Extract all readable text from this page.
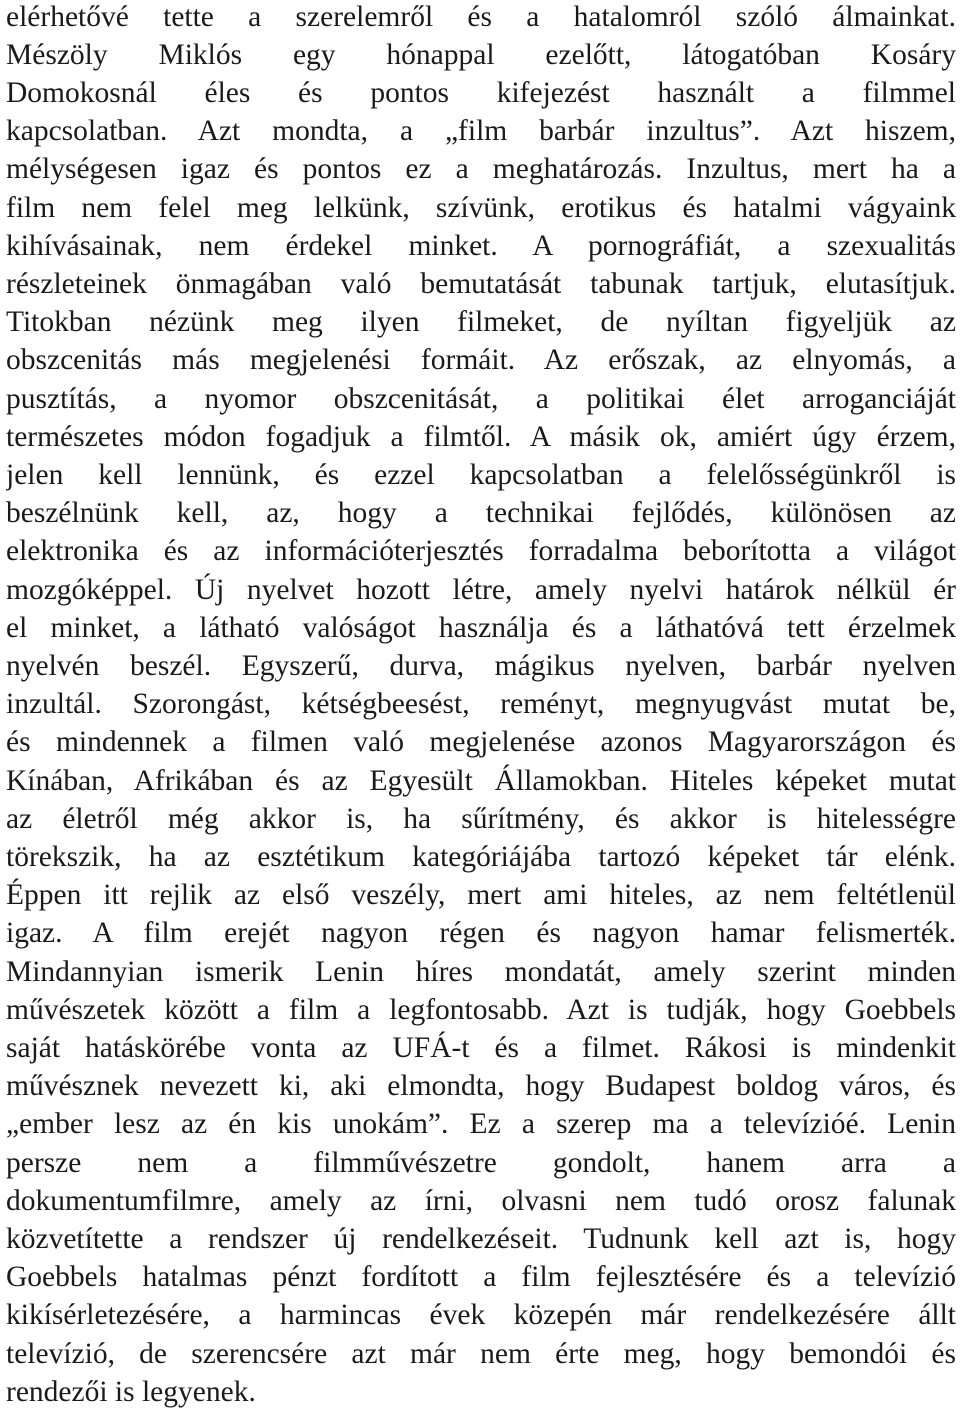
elérhetővé tette a szerelemről és a hatalomról szóló álmainkat.
Mészöly Miklós egy hónappal ezelőtt, látogatóban Kosáry
Domokosnál éles és pontos kifejezést használt a filmmel
kapcsolatban. Azt mondta, a „film barbár inzultus”. Azt hiszem,
mélységesen igaz és pontos ez a meghatározás. Inzultus, mert ha a
film nem felel meg lelkünk, szívünk, erotikus és hatalmi vágyaink
kihívásainak, nem érdekel minket. A pornográfiát, a szexualitás
részleteinek önmagában való bemutatását tabunak tartjuk, elutasítjuk.
Titokban nézünk meg ilyen filmeket, de nyíltan figyeljük az
obszcenitás más megjelenési formáit. Az erőszak, az elnyomás, a
pusztítás, a nyomor obszcenitását, a politikai élet arroganciáját
természetes módon fogadjuk a filmtől. A másik ok, amiért úgy érzem,
jelen kell lennünk, és ezzel kapcsolatban a felelősségünkről is
beszélnünk kell, az, hogy a technikai fejlődés, különösen az
elektronika és az információterjesztés forradalma beborította a világot
mozgóképpel. Új nyelvet hozott létre, amely nyelvi határok nélkül ér
el minket, a látható valóságot használja és a láthatóvá tett érzelmek
nyelvén beszél. Egyszerű, durva, mágikus nyelven, barbár nyelven
inzultál. Szorongást, kétségbeesést, reményt, megnyugvást mutat be,
és mindennek a filmen való megjelenése azonos Magyarországon és
Kínában, Afrikában és az Egyesült Államokban. Hiteles képeket mutat
az életről még akkor is, ha sűrítmény, és akkor is hitelességre
törekszik, ha az esztétikum kategóriájába tartozó képeket tár elénk.
Éppen itt rejlik az első veszély, mert ami hiteles, az nem feltétlenül
igaz. A film erejét nagyon régen és nagyon hamar felismerték.
Mindannyian ismerik Lenin híres mondatát, amely szerint minden
művészetek között a film a legfontosabb. Azt is tudják, hogy Goebbels
saját hatáskörébe vonta az UFÁ-t és a filmet. Rákosi is mindenkit
művésznek nevezett ki, aki elmondta, hogy Budapest boldog város, és
„ember lesz az én kis unokám”. Ez a szerep ma a televízióé. Lenin
persze nem a filmművészetre gondolt, hanem arra a
dokumentumfilmre, amely az írni, olvasni nem tudó orosz falunak
közvetítette a rendszer új rendelkezéseit. Tudnunk kell azt is, hogy
Goebbels hatalmas pénzt fordított a film fejlesztésére és a televízió
kikísérletezésére, a harmincas évek közepén már rendelkezésére állt
televízió, de szerencsére azt már nem érte meg, hogy bemondói és
rendezői is legyenek.
